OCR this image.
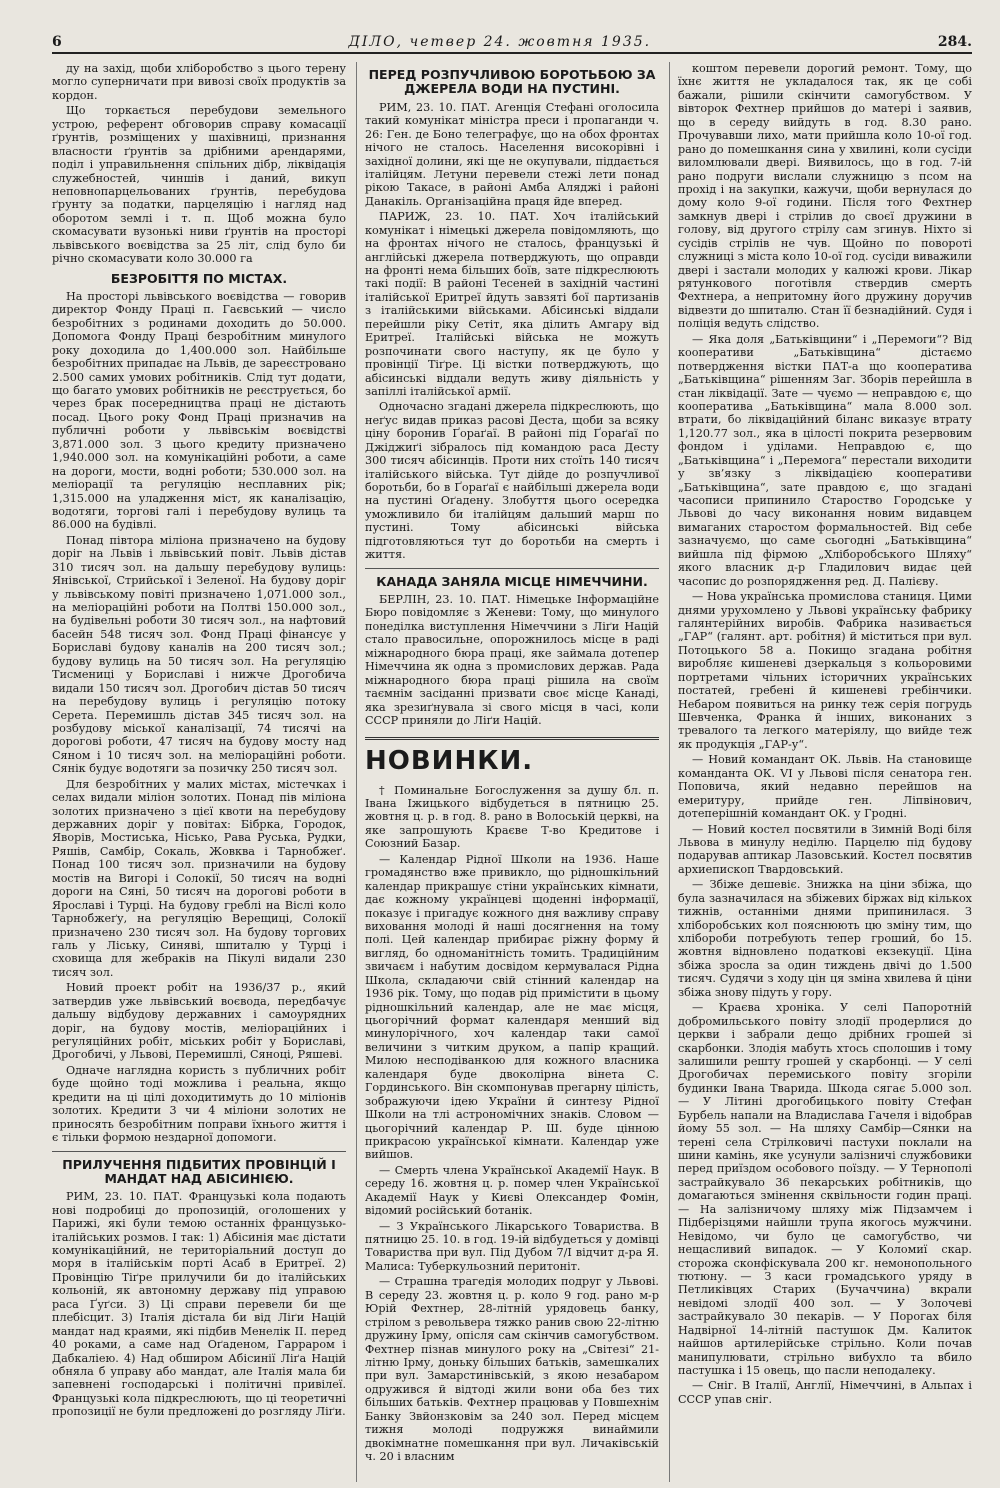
6	ДІЛО, четвер 24. жовтня 1935.	284.

ду на захід, щоби хліборобство з цього терену могло суперничати при вивозі своїх продуктів за кордон.

Що торкається перебудови земельного устрою, референт обговорив справу комасації ґрунтів, розміщених у шахівниці, признання власности ґрунтів за дрібними арендарями, поділ і управильнення спільних дібр, ліквідація служебностей, чиншів і даний, викуп неповнопарцельованих ґрунтів, перебудова ґрунту за податки, парцеляцію і нагляд над оборотом землі і т. п. Щоб можна було скомасувати вузонькі ниви ґрунтів на просторі львівського воєвідства за 25 літ, слід було би річно скомасувати коло 30.000 га

БЕЗРОБІТТЯ ПО МІСТАХ.

На просторі львівського воєвідства — говорив директор Фонду Праці п. Гаєвський — число безробітних з родинами доходить до 50.000. Допомога Фонду Праці безробітним минулого року доходила до 1,400.000 зол. Найбільше безробітних припадає на Львів, де зареєстровано 2.500 самих умових робітників. Слід тут додати, що багато умових робітників не реєструється, бо через брак посередництва праці не дістають посад. Цього року Фонд Праці призначив на публичні роботи у львівськім воєвідстві 3,871.000 зол. З цього кредиту призначено 1,940.000 зол. на комунікаційні роботи, а саме на дороги, мости, водні роботи; 530.000 зол. на меліорації та регуляцію несплавних рік; 1,315.000 на уладження міст, як каналізацію, водотяги, торгові галі і перебудову вулиць та 86.000 на будівлі.

Понад півтора міліона призначено на будову доріг на Львів і львівський повіт. Львів дістав 310 тисяч зол. на дальшу перебудову вулиць: Янівської, Стрийської і Зеленої. На будову доріг у львівському повіті призначено 1,071.000 зол., на меліораційні роботи на Полтві 150.000 зол., на будівельні роботи 30 тисяч зол., на нафтовий басейн 548 тисяч зол. Фонд Праці фінансує у Бориславі будову каналів на 200 тисяч зол.; будову вулиць на 50 тисяч зол. На регуляцію Тисмениці у Бориславі і нижче Дрогобича видали 150 тисяч зол. Дрогобич дістав 50 тисяч на перебудову вулиць і регуляцію потоку Серета. Перемишль дістав 345 тисяч зол. на розбудову міської каналізації, 74 тисячі на дорогові роботи, 47 тисяч на будову мосту над Сяном і 10 тисяч зол. на меліораційні роботи. Сянік будує водотяги за позичку 250 тисяч зол.

Для безробітних у малих містах, містечках і селах видали міліон золотих. Понад пів міліона золотих призначено з цієї квоти на перебудову державних доріг у повітах: Бібрка, Городок, Яворів, Мостиська, Нісько, Рава Руська, Рудки, Ряшів, Самбір, Сокаль, Жовква і Тарнобжеґ. Понад 100 тисяч зол. призначили на будову мостів на Вигорі і Солокії, 50 тисяч на водні дороги на Сяні, 50 тисяч на дорогові роботи в Ярославі і Турці. На будову греблі на Віслі коло Тарнобжеґу, на регуляцію Верещиці, Солокії призначено 230 тисяч зол. На будову торгових галь у Ліську, Синяві, шпиталю у Турці і сховища для жебраків на Пікулі видали 230 тисяч зол.

Новий проект робіт на 1936/37 р., який затвердив уже львівський воєвода, передбачує дальшу відбудову державних і самоурядних доріг, на будову мостів, меліораційних і регуляційних робіт, міських робіт у Бориславі, Дрогобичі, у Львові, Перемишлі, Сяноці, Ряшеві.

Одначе наглядна користь з публичних робіт буде щойно тоді можлива і реальна, якщо кредити на ці цілі доходитимуть до 10 міліонів золотих. Кредити 3 чи 4 міліони золотих не приносять безробітним поправи їхнього життя і є тільки формою нездарної допомоги.

ПРИЛУЧЕННЯ ПІДБИТИХ ПРОВІНЦІЙ І МАНДАТ НАД АБІСИНІЄЮ.

РИМ, 23. 10. ПАТ. Французькі кола подають нові подробиці до пропозицій, оголошених у Парижі, які були темою останніх французько-італійських розмов. І так: 1) Абісинія має дістати комунікаційний, не територіальний доступ до моря в італійськім порті Асаб в Еритреї. 2) Провінцію Тіґре прилучили би до італійських кольоній, як автономну державу під управою раса Ґуґси. 3) Ці справи перевели би ще плебісцит. 3) Італія дістала би від Ліґи Націй мандат над краями, які підбив Менелік II. перед 40 роками, а саме над Оґаденом, Гарраром і Дабкаліею. 4) Над обширом Абісинії Ліґа Націй обняла б управу або мандат, але Італія мала би запевнені господарські і політичні привілеї. Французькі кола підкреслюють, що ці теоретичні пропозиції не були предложені до розгляду Ліґи.

ПЕРЕД РОЗПУЧЛИВОЮ БОРОТЬБОЮ ЗА ДЖЕРЕЛА ВОДИ НА ПУСТИНІ.

РИМ, 23. 10. ПАТ. Агенція Стефані оголосила такий комунікат міністра преси і пропаганди ч. 26: Ген. де Боно телеграфує, що на обох фронтах нічого не сталось. Населення високорівні і західної долини, які ще не окупували, піддається італійцям. Летуни перевели стежі лети понад рікою Такасе, в районі Амба Аляджі і районі Данакіль. Організаційна праця йде вперед.

ПАРИЖ, 23. 10. ПАТ. Хоч італійський комунікат і німецькі джерела повідомляють, що на фронтах нічого не сталось, французькі й англійські джерела потверджують, що оправди на фронті нема більших боїв, зате підкреслюють такі події: В районі Тесеней в західній частині італійської Еритреї йдуть завзяті бої партизанів з італійськими військами. Абісинські віддали перейшли ріку Сетіт, яка ділить Амгару від Еритреї. Італійські війська не можуть розпочинати свого наступу, як це було у провінції Тіґре. Ці вістки потверджують, що абісинські віддали ведуть живу діяльність у запіллі італійської армії.

Одночасно згадані джерела підкреслюють, що неґус видав приказ расові Деста, щоби за всяку ціну боронив Ґораґаї. В районі під Ґораґаї по Джіджиґі зібралось під командою раса Десту 300 тисяч абісинців. Проти них стоїть 140 тисяч італійського війська. Тут дійде до розпучливої боротьби, бо в Ґораґаї є найбільші джерела води на пустині Оґадену. Злобуття цього осередка уможливило би італійцям дальший марш по пустині. Тому абісинські війська підготовляються тут до боротьби на смерть і життя.

КАНАДА ЗАНЯЛА МІСЦЕ НІМЕЧЧИНИ.

БЕРЛІН, 23. 10. ПАТ. Німецьке Інформаційне Бюро повідомляє з Женеви: Тому, що минулого понеділка виступлення Німеччини з Ліґи Націй стало правосильне, опорожнилось місце в раді міжнародного бюра праці, яке займала дотепер Німеччина як одна з промислових держав. Рада міжнародного бюра праці рішила на своїм таємнім засіданні призвати своє місце Канаді, яка зрезиґнувала зі свого місця в часі, коли СССР приняли до Ліґи Націй.

НОВИНКИ.

† Поминальне Богослуження за душу бл. п. Івана Іжицького відбудеться в пятницю 25. жовтня ц. р. в год. 8. рано в Волоській церкві, на яке запрошують Краєве Т-во Кредитове і Союзний Базар.

— Календар Рідної Школи на 1936. Наше громадянство вже привикло, що рідношкільний календар прикрашує стіни українських кімнати, дає кожному українцеві щоденні інформації, показує і пригадує кожного дня важливу справу виховання молоді й наші досягнення на тому полі. Цей календар прибирає ріжну форму й вигляд, бо одноманітність томить. Традиційним звичаєм і набутим досвідом кермувалася Рідна Школа, складаючи свій стінний календар на 1936 рік. Тому, що подав рід примістити в цьому рідношкільний календар, але не має місця, цьогорічний формат календаря менший від минулорічного, хоч календар таки самої величини з читким друком, а папір кращий. Милою несподіванкою для кожного власника календаря буде двоколірна вінета С. Гординського. Він скомпонував прегарну цілість, зображуючи ідею України й синтезу Рідної Школи на тлі астрономічних знаків. Словом — цьогорічний календар Р. Ш. буде цінною прикрасою української кімнати. Календар уже вийшов.

— Смерть члена Української Академії Наук. В середу 16. жовтня ц. р. помер член Української Академії Наук у Києві Олександер Фомін, відомий російський ботанік.

— З Українського Лікарського Товариства. В пятницю 25. 10. в год. 19-ій відбудеться у домівці Товариства при вул. Під Дубом 7/I відчит д-ра Я. Малиса: Туберкульозний перитоніт.

— Страшна трагедія молодих подруг у Львові. В середу 23. жовтня ц. р. коло 9 год. рано м-р Юрій Фехтнер, 28-літній урядовець банку, стрілом з револьвера тяжко ранив свою 22-літню дружину Ірму, опісля сам скінчив самогубством. Фехтнер пізнав минулого року на „Світезі“ 21-літню Ірму, доньку більших батьків, замешкалих при вул. Замарстинівській, з якою незабаром одружився й відтоді жили вони оба без тих більших батьків. Фехтнер працював у Повшехнім Банку Звйонзковім за 240 зол. Перед місцем тижня молоді подружжя винаймили двокімнатне помешкання при вул. Личаківській ч. 20 і власним

коштом перевели дорогий ремонт. Тому, що їхнє життя не укладалося так, як це собі бажали, рішили скінчити самогубством. У вівторок Фехтнер прийшов до матері і заявив, що в середу вийдуть в год. 8.30 рано. Прочувавши лихо, мати прийшла коло 10-ої год. рано до помешкання сина у хвилині, коли сусіди виломлювали двері. Виявилось, що в год. 7-ій рано подруги вислали служницю з псом на прохід і на закупки, кажучи, щоби вернулася до дому коло 9-ої години. Після того Фехтнер замкнув двері і стрілив до своєї дружини в голову, від другого стрілу сам згинув. Ніхто зі сусідів стрілів не чув. Щойно по повороті служниці з міста коло 10-ої год. сусіди виважили двері і застали молодих у калюжі крови. Лікар рятункового поготівля ствердив смерть Фехтнера, а непритомну його дружину доручив відвезти до шпиталю. Стан її безнадійний. Судя і поліція ведуть слідство.

— Яка доля „Батьківщини“ і „Перемоги“? Від кооперативи „Батьківщина“ дістаємо потвердження вістки ПАТ-а що кооператива „Батьківщина“ рішенням Заг. Зборів перейшла в стан ліквідації. Зате — чуємо — неправдою є, що кооператива „Батьківщина“ мала 8.000 зол. втрати, бо ліквідаційний біланс виказує втрату 1,120.77 зол., яка в цілості покрита резервовим фондом і уділами. Неправдою є, що „Батьківщина“ і „Перемога“ перестали виходити у зв’язку з ліквідацією кооперативи „Батьківщина“, зате правдою є, що згадані часописи припинило Староство Городське у Львові до часу виконання новим видавцем вимаганих старостом формальностей. Від себе зазначуємо, що саме сьогодні „Батьківщина“ вийшла під фірмою „Хліборобського Шляху“ якого власник д-р Гладилович видає цей часопис до розпорядження ред. Д. Палієву.

— Нова українська промислова станиця. Цими днями урухомлено у Львові українську фабрику галянтерійних виробів. Фабрика називається „ГАР“ (галянт. арт. робітня) й міститься при вул. Потоцького 58 а. Покищо згадана робітня виробляє кишеневі дзеркальця з кольоровими портретами чільних історичних українських постатей, гребені й кишеневі гребінчики. Небаром появиться на ринку теж серія погрудь Шевченка, Франка й інших, виконаних з тревалого та легкого матеріялу, що вийде теж як продукція „ГАР-у“.

— Новий командант ОК. Львів. На становище команданта ОК. VI у Львові після сенатора ген. Поповича, який недавно перейшов на емеритуру, прийде ген. Ліпвінович, дотеперішній командант ОК. у Гродні.

— Новий костел посвятили в Зимній Воді біля Львова в минулу неділю. Парцелю під будову подарував аптикар Лазовський. Костел посвятив архиепископ Твардовський.

— Збіже дешевіє. Знижка на ціни збіжа, що була зазначилася на збіжевих біржах від кількох тижнів, останніми днями припинилася. З хліборобських кол пояснюють цю зміну тим, що хлібороби потребують тепер гроший, бо 15. жовтня відновлено податкові екзекуції. Ціна збіжа зросла за один тиждень двічі до 1.500 тисяч. Судячи з ходу цін ця зміна хвилева й ціни збіжа знову підуть у гору.

— Краєва хроніка. У селі Папоротній добромильського повіту злодії продерлися до церкви і забрали дещо дрібних грошей зі скарбонки. Злодія мабуть хтось сполошив і тому залишили решту грошей у скарбонці. — У селі Дрогобичах перемиського повіту згоріли будинки Івана Тварида. Шкода сягає 5.000 зол. — У Літині дрогобицького повіту Стефан Бурбель напали на Владислава Гачеля і відобрав йому 55 зол. — На шляху Самбір—Сянки на терені села Стрілковичі пастухи поклали на шини камінь, яке усунули залізничі службовики перед приїздом особового поїзду. — У Тернополі застрайкувало 36 пекарських робітників, що домагаються змінення сквільности годин праці. — На залізничому шляху між Підзамчем і Підберізцями найшли трупа якогось мужчини. Невідомо, чи було це самогубство, чи нещасливий випадок. — У Коломиї скар. сторожа сконфіскувала 200 кг. немонопольного тютюну. — З каси громадського уряду в Петликівцях Старих (Бучаччина) вкрали невідомі злодії 400 зол. — У Золочеві застрайкувало 30 пекарів. — У Порогах біля Надвірної 14-літній пастушок Дм. Калиток найшов артилерійське стрільно. Коли почав манипулювати, стрільно вибухло та вбило пастушка і 15 овець, що пасли неподалеку.

— Сніг. В Італії, Англії, Німеччині, в Альпах і СССР упав сніг.
